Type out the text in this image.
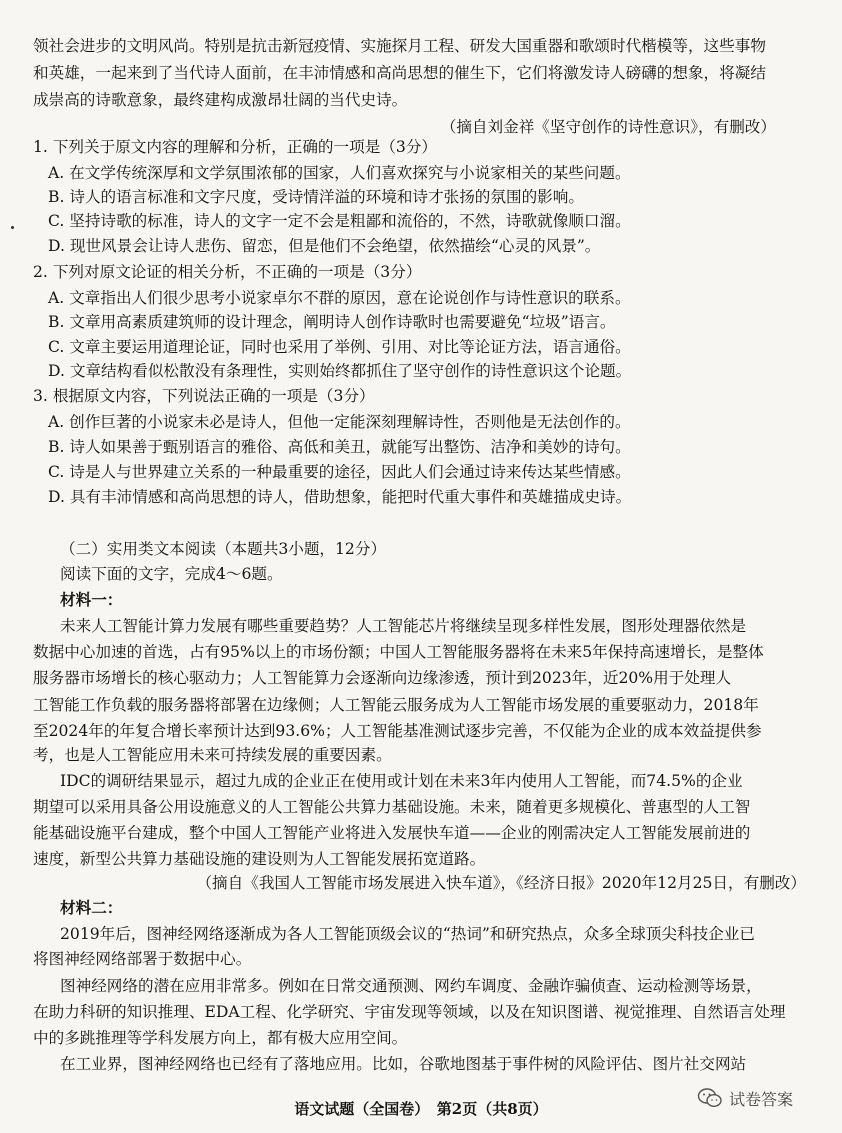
领社会进步的文明风尚。特别是抗击新冠疫情、实施探月工程、研发大国重器和歌颂时代楷模等，这些事物
和英雄，一起来到了当代诗人面前，在丰沛情感和高尚思想的催生下，它们将激发诗人磅礴的想象，将凝结
成崇高的诗歌意象，最终建构成激昂壮阔的当代史诗。
（摘自刘金祥《坚守创作的诗性意识》，有删改）
1. 下列关于原文内容的理解和分析，正确的一项是（3分）
A. 在文学传统深厚和文学氛围浓郁的国家，人们喜欢探究与小说家相关的某些问题。
B. 诗人的语言标准和文字尺度，受诗情洋溢的环境和诗才张扬的氛围的影响。
C. 坚持诗歌的标准，诗人的文字一定不会是粗鄙和流俗的，不然，诗歌就像顺口溜。
D. 现世风景会让诗人悲伤、留恋，但是他们不会绝望，依然描绘“心灵的风景”。
2. 下列对原文论证的相关分析，不正确的一项是（3分）
A. 文章指出人们很少思考小说家卓尔不群的原因，意在论说创作与诗性意识的联系。
B. 文章用高素质建筑师的设计理念，阐明诗人创作诗歌时也需要避免“垃圾”语言。
C. 文章主要运用道理论证，同时也采用了举例、引用、对比等论证方法，语言通俗。
D. 文章结构看似松散没有条理性，实则始终都抓住了坚守创作的诗性意识这个论题。
3. 根据原文内容，下列说法正确的一项是（3分）
A. 创作巨著的小说家未必是诗人，但他一定能深刻理解诗性，否则他是无法创作的。
B. 诗人如果善于甄别语言的雅俗、高低和美丑，就能写出整饬、洁净和美妙的诗句。
C. 诗是人与世界建立关系的一种最重要的途径，因此人们会通过诗来传达某些情感。
D. 具有丰沛情感和高尚思想的诗人，借助想象，能把时代重大事件和英雄描成史诗。
（二）实用类文本阅读（本题共3小题，12分）
阅读下面的文字，完成4～6题。
材料一：
未来人工智能计算力发展有哪些重要趋势？人工智能芯片将继续呈现多样性发展，图形处理器依然是
数据中心加速的首选，占有95%以上的市场份额；中国人工智能服务器将在未来5年保持高速增长，是整体
服务器市场增长的核心驱动力；人工智能算力会逐渐向边缘渗透，预计到2023年，近20%用于处理人
工智能工作负载的服务器将部署在边缘侧；人工智能云服务成为人工智能市场发展的重要驱动力，2018年
至2024年的年复合增长率预计达到93.6%；人工智能基准测试逐步完善，不仅能为企业的成本效益提供参
考，也是人工智能应用未来可持续发展的重要因素。
IDC的调研结果显示，超过九成的企业正在使用或计划在未来3年内使用人工智能，而74.5%的企业
期望可以采用具备公用设施意义的人工智能公共算力基础设施。未来，随着更多规模化、普惠型的人工智
能基础设施平台建成，整个中国人工智能产业将进入发展快车道——企业的刚需决定人工智能发展前进的
速度，新型公共算力基础设施的建设则为人工智能发展拓宽道路。
（摘自《我国人工智能市场发展进入快车道》，《经济日报》2020年12月25日，有删改）
材料二：
2019年后，图神经网络逐渐成为各人工智能顶级会议的“热词”和研究热点，众多全球顶尖科技企业已
将图神经网络部署于数据中心。
图神经网络的潜在应用非常多。例如在日常交通预测、网约车调度、金融诈骗侦查、运动检测等场景，
在助力科研的知识推理、EDA工程、化学研究、宇宙发现等领域，以及在知识图谱、视觉推理、自然语言处理
中的多跳推理等学科发展方向上，都有极大应用空间。
在工业界，图神经网络也已经有了落地应用。比如，谷歌地图基于事件树的风险评估、图片社交网站
语文试题（全国卷）　第2页（共8页）
试卷答案
